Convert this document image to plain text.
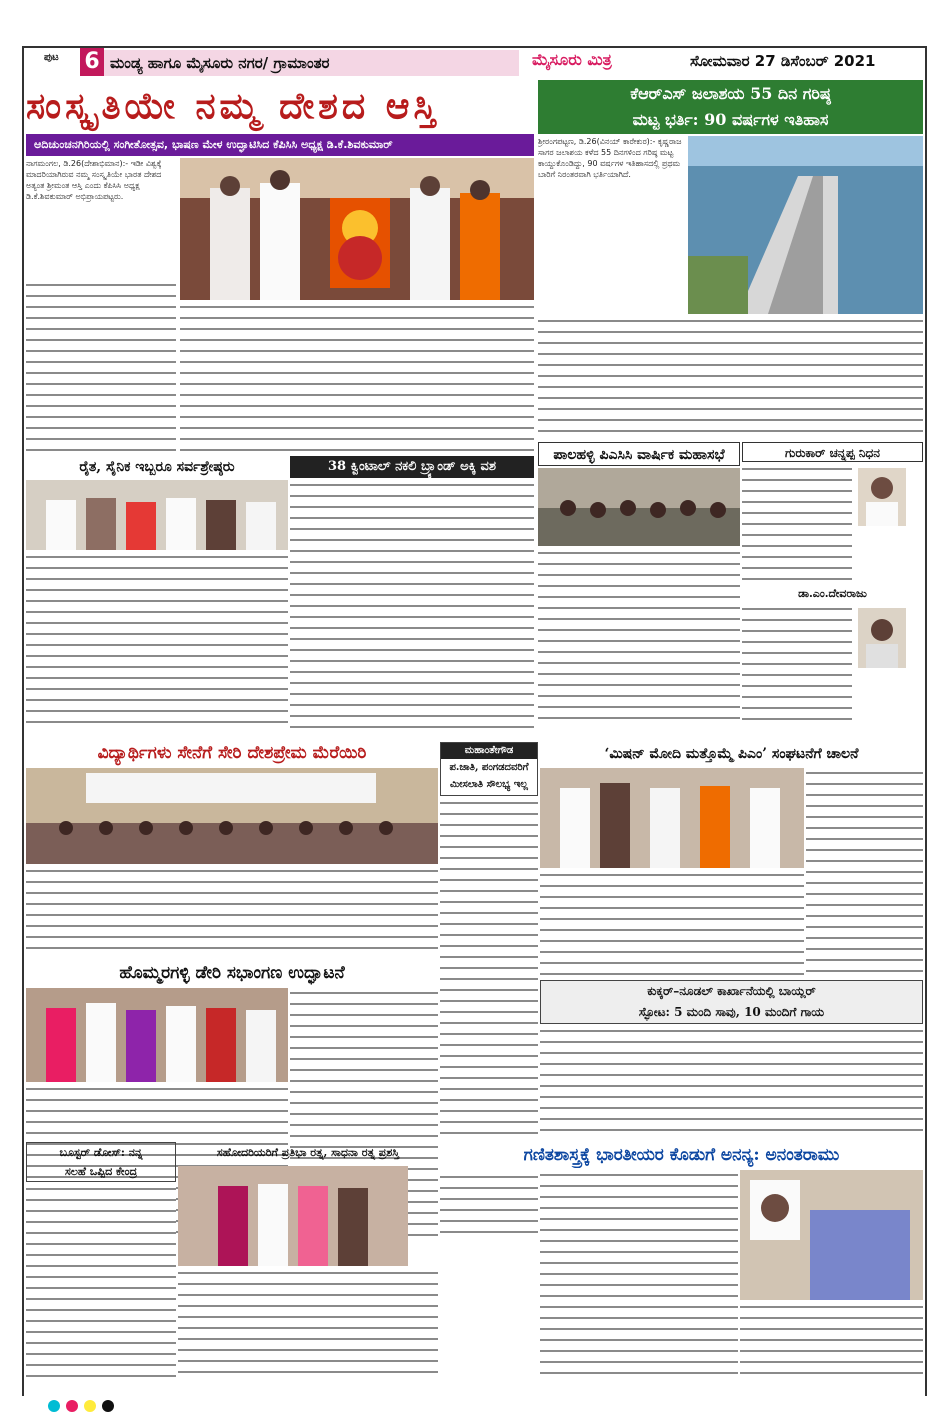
ಪುಟ 6 ಮಂಡ್ಯ ಹಾಗೂ ಮೈಸೂರು ನಗರ/ ಗ್ರಾಮಾಂತರ	ಮೈಸೂರು ಮಿತ್ರ	ಸೋಮವಾರ 27 ಡಿಸೆಂಬರ್ 2021
ಸಂಸ್ಕೃತಿಯೇ ನಮ್ಮ ದೇಶದ ಆಸ್ತಿ	ಕೆಆರ್‌ಎಸ್ ಜಲಾಶಯ 55 ದಿನ ಗರಿಷ್ಠ
ಮಟ್ಟ ಭರ್ತಿ: 90 ವರ್ಷಗಳ ಇತಿಹಾಸ
ಆದಿಚುಂಚನಗಿರಿಯಲ್ಲಿ ಸಂಗೀತೋತ್ಸವ, ಭಾಷಣ ಮೇಳ ಉದ್ಘಾಟಿಸಿದ ಕೆಪಿಸಿಸಿ ಅಧ್ಯಕ್ಷ ಡಿ.ಕೆ.ಶಿವಕುಮಾರ್
ನಾಗಮಂಗಲ, ಡಿ.26(ದೇಶಾಭಿಮಾನ):- ಇಡೀ ವಿಶ್ವಕ್ಕೆ ಮಾದರಿಯಾಗಿರುವ ನಮ್ಮ ಸಂಸ್ಕೃತಿಯೇ ಭಾರತ ದೇಶದ ಅತ್ಯಂತ ಶ್ರೀಮಂತ ಆಸ್ತಿ ಎಂದು ಕೆಪಿಸಿಸಿ ಅಧ್ಯಕ್ಷ ಡಿ.ಕೆ.ಶಿವಕುಮಾರ್ ಅಭಿಪ್ರಾಯಪಟ್ಟರು.
ಶ್ರೀರಂಗಪಟ್ಟಣ, ಡಿ.26(ವಿನಯ್ ಕಾರೇಕುರ):- ಕೃಷ್ಣರಾಜ ಸಾಗರ ಜಲಾಶಯ ಕಳೆದ 55 ದಿನಗಳಿಂದ ಗರಿಷ್ಠ ಮಟ್ಟ ಕಾಯ್ದುಕೊಂಡಿದ್ದು, 90 ವರ್ಷಗಳ ಇತಿಹಾಸದಲ್ಲಿ ಪ್ರಥಮ ಬಾರಿಗೆ ನಿರಂತರವಾಗಿ ಭರ್ತಿಯಾಗಿದೆ.
ರೈತ, ಸೈನಿಕ ಇಬ್ಬರೂ ಸರ್ವಶ್ರೇಷ್ಠರು	38 ಕ್ವಿಂಟಾಲ್ ನಕಲಿ ಬ್ರ್ಯಾಂಡ್ ಅಕ್ಕಿ ವಶ
ಪಾಲಹಳ್ಳಿ ಪಿಎಸಿಸಿ ವಾರ್ಷಿಕ ಮಹಾಸಭೆ	ಗುರುಕಾರ್ ಚನ್ನಪ್ಪ ನಿಧನ
ಡಾ.ಎಂ.ದೇವರಾಜು
ವಿದ್ಯಾರ್ಥಿಗಳು ಸೇನೆಗೆ ಸೇರಿ ದೇಶಪ್ರೇಮ ಮೆರೆಯಿರಿ	ಮಹಾಂತೇಗೌಡ
ಪ.ಜಾತಿ, ಪಂಗಡದವರಿಗೆ
ಮೀಸಲಾತಿ ಸೌಲಭ್ಯ ಇಲ್ಲ
‘ಮಿಷನ್ ಮೋದಿ ಮತ್ತೊಮ್ಮೆ ಪಿಎಂ’ ಸಂಘಟನೆಗೆ ಚಾಲನೆ
ಹೊಮ್ಮರಗಳ್ಳಿ ಡೇರಿ ಸಭಾಂಗಣ ಉದ್ಘಾಟನೆ
ಕುಕ್ಕರ್–ನೂಡಲ್ ಕಾರ್ಖಾನೆಯಲ್ಲಿ ಬಾಯ್ಲರ್
ಸ್ಫೋಟ: 5 ಮಂದಿ ಸಾವು, 10 ಮಂದಿಗೆ ಗಾಯ
ಬೂಸ್ಟರ್ ಡೋಸ್: ನನ್ನ
ಸಲಹೆ ಒಪ್ಪಿದ ಕೇಂದ್ರ
ಸಹೋದರಿಯರಿಗೆ ಪ್ರತಿಭಾ ರತ್ನ, ಸಾಧನಾ ರತ್ನ ಪ್ರಶಸ್ತಿ	ಗಣಿತಶಾಸ್ತ್ರಕ್ಕೆ ಭಾರತೀಯರ ಕೊಡುಗೆ ಅನನ್ಯ: ಅನಂತರಾಮು
